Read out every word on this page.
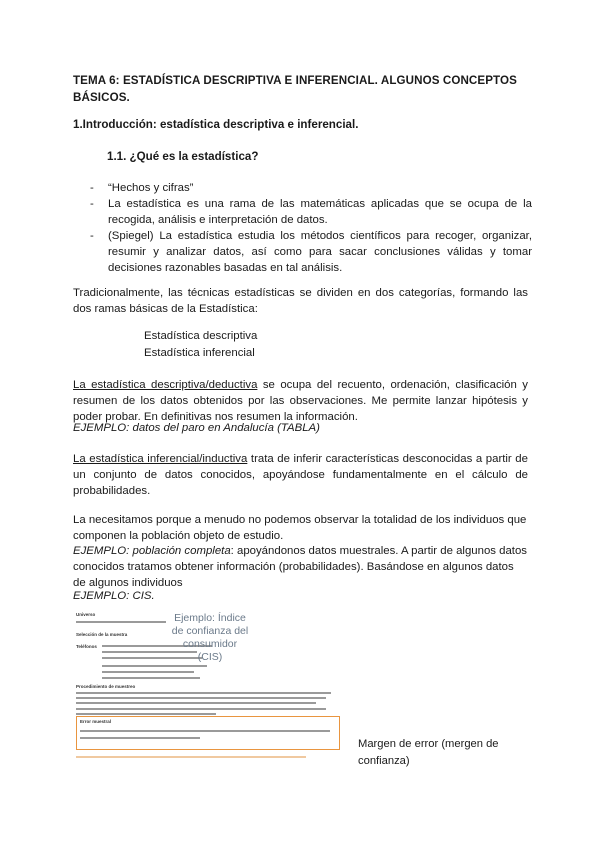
TEMA 6: ESTADÍSTICA DESCRIPTIVA E INFERENCIAL. ALGUNOS CONCEPTOS BÁSICOS.
1.Introducción: estadística descriptiva e inferencial.
1.1. ¿Qué es la estadística?
- “Hechos y cifras”
- La estadística es una rama de las matemáticas aplicadas que se ocupa de la recogida, análisis e interpretación de datos.
- (Spiegel) La estadística estudia los métodos científicos para recoger, organizar, resumir y analizar datos, así como para sacar conclusiones válidas y tomar decisiones razonables basadas en tal análisis.

Tradicionalmente, las técnicas estadísticas se dividen en dos categorías, formando las dos ramas básicas de la Estadística:

Estadística descriptiva
Estadística inferencial

La estadística descriptiva/deductiva se ocupa del recuento, ordenación, clasificación y resumen de los datos obtenidos por las observaciones. Me permite lanzar hipótesis y poder probar. En definitivas nos resumen la información.

EJEMPLO: datos del paro en Andalucía (TABLA)

La estadística inferencial/inductiva trata de inferir características desconocidas a partir de un conjunto de datos conocidos, apoyándose fundamentalmente en el cálculo de probabilidades.

La necesitamos porque a menudo no podemos observar la totalidad de los individuos que componen la población objeto de estudio.

EJEMPLO: población completa: apoyándonos datos muestrales. A partir de algunos datos conocidos tratamos obtener información (probabilidades). Basándose en algunos datos de algunos individuos

EJEMPLO: CIS.
Universo
Selección de la muestra
Teléfonos
Procedimiento de muestreo
Error muestral
Ejemplo: Índice de confianza del consumidor (CIS)
Margen de error (mergen de confianza)
